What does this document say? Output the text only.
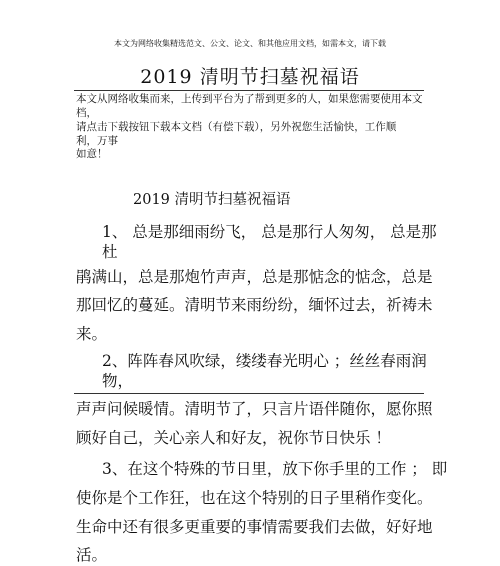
本文为网络收集精选范文、公文、论文、和其他应用文档，如需本文，请下载
2019 清明节扫墓祝福语
本文从网络收集而来，上传到平台为了帮到更多的人，如果您需要使用本文
档，
请点击下载按钮下载本文档（有偿下载），另外祝您生活愉快，工作顺
利，万事
如意！
2019 清明节扫墓祝福语
1、 总是那细雨纷飞， 总是那行人匆匆， 总是那
杜
鹃满山，总是那炮竹声声，总是那惦念的惦念，总是
那回忆的蔓延。清明节来雨纷纷，缅怀过去，祈祷未
来。
2、阵阵春风吹绿，缕缕春光明心 ；丝丝春雨润
物，
声声问候暖情。清明节了，只言片语伴随你，愿你照
顾好自己，关心亲人和好友，祝你节日快乐 ！
3、在这个特殊的节日里，放下你手里的工作 ； 即
使你是个工作狂，也在这个特别的日子里稍作变化。
生命中还有很多更重要的事情需要我们去做，好好地
活。
